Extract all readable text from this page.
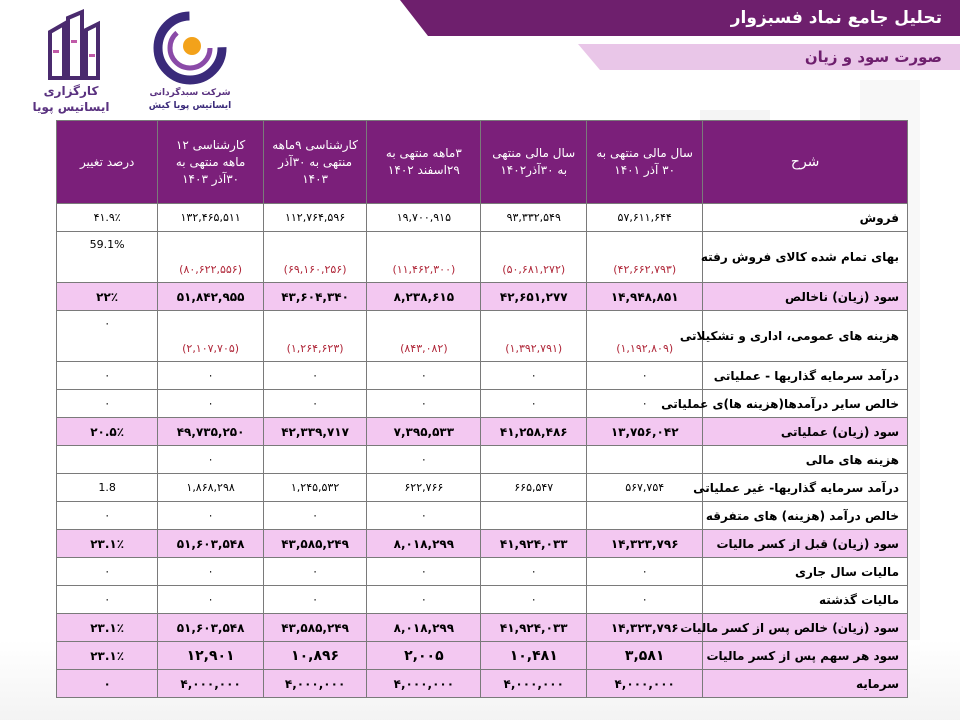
تحلیل جامع نماد فسبزوار
صورت سود و زیان
کارگزاری
ایساتیس پویا
شرکت سبدگردانی
ایساتیس پویا کیش
شرح	سال مالی منتهی به ۳۰ آذر ۱۴۰۱	سال مالی منتهی به ۳۰آذر۱۴۰۲	۳ماهه منتهی به ۲۹اسفند ۱۴۰۲	کارشناسی ۹ماهه منتهی به ۳۰آذر ۱۴۰۳	کارشناسی ۱۲ ماهه منتهی به ۳۰آذر ۱۴۰۳	درصد تغییر
فروش	۵۷,۶۱۱,۶۴۴	۹۳,۳۳۲,۵۴۹	۱۹,۷۰۰,۹۱۵	۱۱۲,۷۶۴,۵۹۶	۱۳۲,۴۶۵,۵۱۱	۴۱.۹٪
بهای تمام شده کالای فروش رفته	(۴۲,۶۶۲,۷۹۳)	(۵۰,۶۸۱,۲۷۲)	(۱۱,۴۶۲,۳۰۰)	(۶۹,۱۶۰,۲۵۶)	(۸۰,۶۲۲,۵۵۶)	59.1%
سود (زیان) ناخالص	۱۴,۹۴۸,۸۵۱	۴۲,۶۵۱,۲۷۷	۸,۲۳۸,۶۱۵	۴۳,۶۰۴,۳۴۰	۵۱,۸۴۲,۹۵۵	۲۲٪
هزینه های عمومی، اداری و تشکیلاتی	(۱,۱۹۲,۸۰۹)	(۱,۳۹۲,۷۹۱)	(۸۴۳,۰۸۲)	(۱,۲۶۴,۶۲۳)	(۲,۱۰۷,۷۰۵)	۰
درآمد سرمایه گذاریها - عملیاتی	۰	۰	۰	۰	۰	۰
خالص سایر درآمدها(هزینه ها)ی عملیاتی	۰	۰	۰	۰	۰	۰
سود (زیان) عملیاتی	۱۳,۷۵۶,۰۴۲	۴۱,۲۵۸,۴۸۶	۷,۳۹۵,۵۳۳	۴۲,۳۳۹,۷۱۷	۴۹,۷۳۵,۲۵۰	۲۰.۵٪
هزینه های مالی			۰		۰	
درآمد سرمایه گذاریها- غیر عملیاتی	۵۶۷,۷۵۴	۶۶۵,۵۴۷	۶۲۲,۷۶۶	۱,۲۴۵,۵۳۲	۱,۸۶۸,۲۹۸	1.8
خالص درآمد (هزینه) های متفرقه			۰	۰	۰	۰
سود (زیان) قبل از کسر مالیات	۱۴,۳۲۳,۷۹۶	۴۱,۹۲۴,۰۳۳	۸,۰۱۸,۲۹۹	۴۳,۵۸۵,۲۴۹	۵۱,۶۰۳,۵۴۸	۲۳.۱٪
مالیات سال جاری	۰	۰	۰	۰	۰	۰
مالیات گذشته	۰	۰	۰	۰	۰	۰
سود (زیان) خالص پس از کسر مالیات	۱۴,۳۲۳,۷۹۶	۴۱,۹۲۴,۰۳۳	۸,۰۱۸,۲۹۹	۴۳,۵۸۵,۲۴۹	۵۱,۶۰۳,۵۴۸	۲۳.۱٪
سود هر سهم پس از کسر مالیات	۳,۵۸۱	۱۰,۴۸۱	۲,۰۰۵	۱۰,۸۹۶	۱۲,۹۰۱	۲۳.۱٪
سرمایه	۴,۰۰۰,۰۰۰	۴,۰۰۰,۰۰۰	۴,۰۰۰,۰۰۰	۴,۰۰۰,۰۰۰	۴,۰۰۰,۰۰۰	۰
